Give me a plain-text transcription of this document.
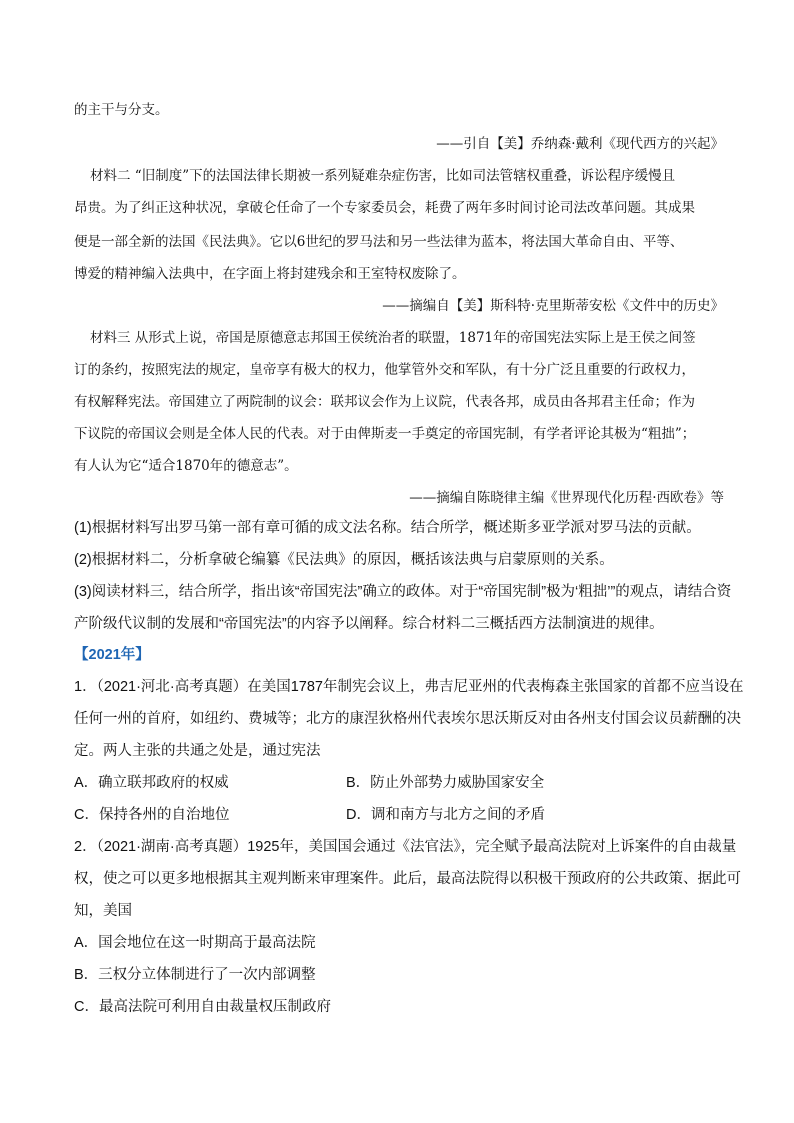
的主干与分支。
——引自【美】乔纳森·戴利《现代西方的兴起》
材料二 “旧制度”下的法国法律长期被一系列疑难杂症伤害，比如司法管辖权重叠，诉讼程序缓慢且
昂贵。为了纠正这种状况，拿破仑任命了一个专家委员会，耗费了两年多时间讨论司法改革问题。其成果
便是一部全新的法国《民法典》。它以6世纪的罗马法和另一些法律为蓝本，将法国大革命自由、平等、
博爱的精神编入法典中，在字面上将封建残余和王室特权废除了。
——摘编自【美】斯科特·克里斯蒂安松《文件中的历史》
材料三 从形式上说，帝国是原德意志邦国王侯统治者的联盟，1871年的帝国宪法实际上是王侯之间签
订的条约，按照宪法的规定，皇帝享有极大的权力，他掌管外交和军队，有十分广泛且重要的行政权力，
有权解释宪法。帝国建立了两院制的议会：联邦议会作为上议院，代表各邦，成员由各邦君主任命；作为
下议院的帝国议会则是全体人民的代表。对于由俾斯麦一手奠定的帝国宪制，有学者评论其极为“粗拙”；
有人认为它“适合1870年的德意志”。
——摘编自陈晓律主编《世界现代化历程·西欧卷》等
(1)根据材料写出罗马第一部有章可循的成文法名称。结合所学，概述斯多亚学派对罗马法的贡献。
(2)根据材料二，分析拿破仑编纂《民法典》的原因，概括该法典与启蒙原则的关系。
(3)阅读材料三，结合所学，指出该“帝国宪法”确立的政体。对于“帝国宪制”极为‘粗拙’”的观点，请结合资
产阶级代议制的发展和“帝国宪法”的内容予以阐释。综合材料二三概括西方法制演进的规律。
【2021年】
1．（2021·河北·高考真题）在美国1787年制宪会议上，弗吉尼亚州的代表梅森主张国家的首都不应当设在
任何一州的首府，如纽约、费城等；北方的康涅狄格州代表埃尔思沃斯反对由各州支付国会议员薪酬的决
定。两人主张的共通之处是，通过宪法
A．确立联邦政府的权威	B．防止外部势力威胁国家安全
C．保持各州的自治地位	D．调和南方与北方之间的矛盾
2．（2021·湖南·高考真题）1925年，美国国会通过《法官法》，完全赋予最高法院对上诉案件的自由裁量
权，使之可以更多地根据其主观判断来审理案件。此后，最高法院得以积极干预政府的公共政策、据此可
知，美国
A．国会地位在这一时期高于最高法院
B．三权分立体制进行了一次内部调整
C．最高法院可利用自由裁量权压制政府
